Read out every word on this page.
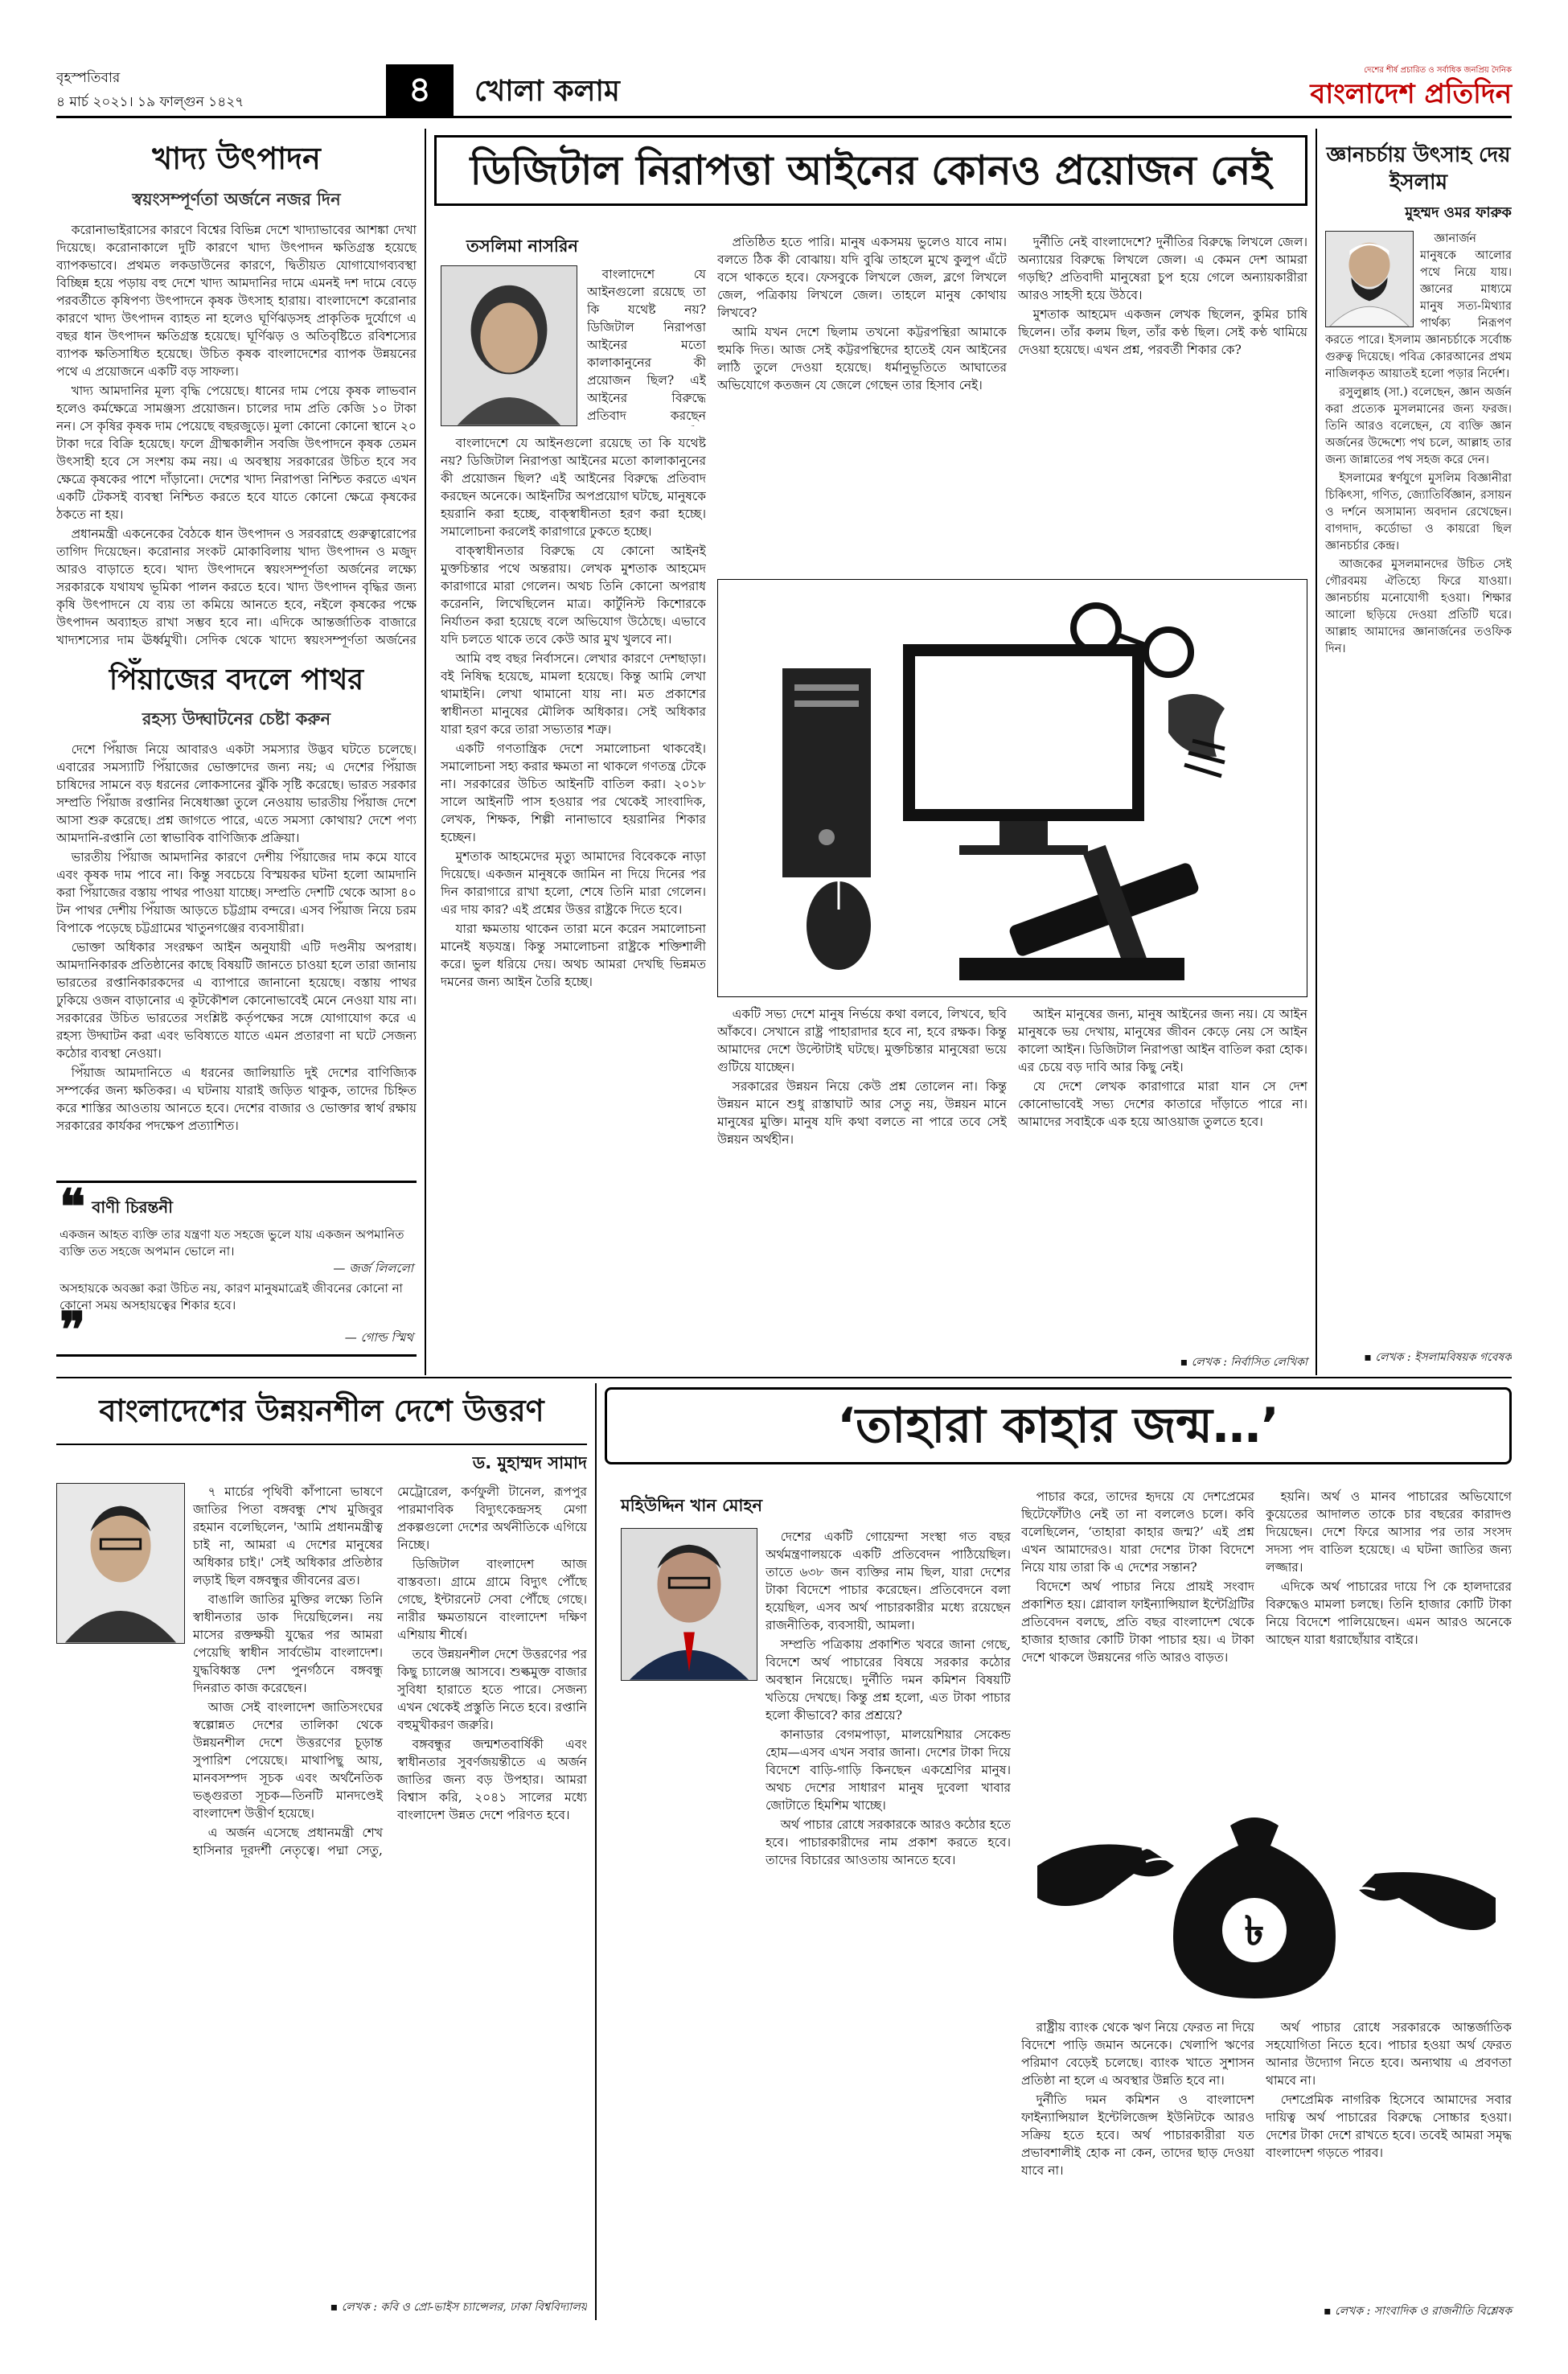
বৃহস্পতিবার
৪ মার্চ ২০২১। ১৯ ফাল্গুন ১৪২৭	৪	খোলা কলাম
দেশের শীর্ষ প্রচারিত ও সর্বাধিক জনপ্রিয় দৈনিক
বাংলাদেশ প্রতিদিন
খাদ্য উৎপাদন
স্বয়ংসম্পূর্ণতা অর্জনে নজর দিন

করোনাভাইরাসের কারণে বিশ্বের বিভিন্ন দেশে খাদ্যাভাবের আশঙ্কা দেখা দিয়েছে। করোনাকালে দুটি কারণে খাদ্য উৎপাদন ক্ষতিগ্রস্ত হয়েছে ব্যাপকভাবে। প্রথমত লকডাউনের কারণে, দ্বিতীয়ত যোগাযোগব্যবস্থা বিচ্ছিন্ন হয়ে পড়ায় বহু দেশে খাদ্য আমদানির দামে এমনই দশ দামে বেড়ে পরবর্তীতে কৃষিপণ্য উৎপাদনে কৃষক উৎসাহ হারায়। বাংলাদেশে করোনার কারণে খাদ্য উৎপাদন ব্যাহত না হলেও ঘূর্ণিঝড়সহ প্রাকৃতিক দুর্যোগে এ বছর ধান উৎপাদন ক্ষতিগ্রস্ত হয়েছে। ঘূর্ণিঝড় ও অতিবৃষ্টিতে রবিশস্যের ব্যাপক ক্ষতিসাধিত হয়েছে। উচিত কৃষক বাংলাদেশের ব্যাপক উন্নয়নের পথে এ প্রয়োজনে একটি বড় সাফল্য।

খাদ্য আমদানির মূল্য বৃদ্ধি পেয়েছে। ধানের দাম পেয়ে কৃষক লাভবান হলেও কর্মক্ষেত্রে সামঞ্জস্য প্রয়োজন। চালের দাম প্রতি কেজি ১০ টাকা নন। সে কৃষির কৃষক দাম পেয়েছে বছরজুড়ে। মুলা কোনো কোনো স্থানে ২০ টাকা দরে বিক্রি হয়েছে। ফলে গ্রীষ্মকালীন সবজি উৎপাদনে কৃষক তেমন উৎসাহী হবে সে সংশয় কম নয়। এ অবস্থায় সরকারের উচিত হবে সব ক্ষেত্রে কৃষকের পাশে দাঁড়ানো। দেশের খাদ্য নিরাপত্তা নিশ্চিত করতে এখন একটি টেকসই ব্যবস্থা নিশ্চিত করতে হবে যাতে কোনো ক্ষেত্রে কৃষকের ঠকতে না হয়।

প্রধানমন্ত্রী একনেকের বৈঠকে ধান উৎপাদন ও সরবরাহে গুরুত্বারোপের তাগিদ দিয়েছেন। করোনার সংকট মোকাবিলায় খাদ্য উৎপাদন ও মজুদ আরও বাড়াতে হবে। খাদ্য উৎপাদনে স্বয়ংসম্পূর্ণতা অর্জনের লক্ষ্যে সরকারকে যথাযথ ভূমিকা পালন করতে হবে। খাদ্য উৎপাদন বৃদ্ধির জন্য কৃষি উৎপাদনে যে ব্যয় তা কমিয়ে আনতে হবে, নইলে কৃষকের পক্ষে উৎপাদন অব্যাহত রাখা সম্ভব হবে না। এদিকে আন্তর্জাতিক বাজারে খাদ্যশস্যের দাম ঊর্ধ্বমুখী। সেদিক থেকে খাদ্যে স্বয়ংসম্পূর্ণতা অর্জনের

পিঁয়াজের বদলে পাথর
রহস্য উদ্ঘাটনের চেষ্টা করুন

দেশে পিঁয়াজ নিয়ে আবারও একটা সমস্যার উদ্ভব ঘটতে চলেছে। এবারের সমস্যাটি পিঁয়াজের ভোক্তাদের জন্য নয়; এ দেশের পিঁয়াজ চাষিদের সামনে বড় ধরনের লোকসানের ঝুঁকি সৃষ্টি করেছে। ভারত সরকার সম্প্রতি পিঁয়াজ রপ্তানির নিষেধাজ্ঞা তুলে নেওয়ায় ভারতীয় পিঁয়াজ দেশে আসা শুরু করেছে। প্রশ্ন জাগতে পারে, এতে সমস্যা কোথায়? দেশে পণ্য আমদানি-রপ্তানি তো স্বাভাবিক বাণিজ্যিক প্রক্রিয়া।

ভারতীয় পিঁয়াজ আমদানির কারণে দেশীয় পিঁয়াজের দাম কমে যাবে এবং কৃষক দাম পাবে না। কিন্তু সবচেয়ে বিস্ময়কর ঘটনা হলো আমদানি করা পিঁয়াজের বস্তায় পাথর পাওয়া যাচ্ছে। সম্প্রতি দেশটি থেকে আসা ৪০ টন পাথর দেশীয় পিঁয়াজ আড়তে চট্টগ্রাম বন্দরে। এসব পিঁয়াজ নিয়ে চরম বিপাকে পড়েছে চট্টগ্রামের খাতুনগঞ্জের ব্যবসায়ীরা।

ভোক্তা অধিকার সংরক্ষণ আইন অনুযায়ী এটি দণ্ডনীয় অপরাধ। আমদানিকারক প্রতিষ্ঠানের কাছে বিষয়টি জানতে চাওয়া হলে তারা জানায় ভারতের রপ্তানিকারকদের এ ব্যাপারে জানানো হয়েছে। বস্তায় পাথর ঢুকিয়ে ওজন বাড়ানোর এ কূটকৌশল কোনোভাবেই মেনে নেওয়া যায় না। সরকারের উচিত ভারতের সংশ্লিষ্ট কর্তৃপক্ষের সঙ্গে যোগাযোগ করে এ রহস্য উদ্ঘাটন করা এবং ভবিষ্যতে যাতে এমন প্রতারণা না ঘটে সেজন্য কঠোর ব্যবস্থা নেওয়া।

পিঁয়াজ আমদানিতে এ ধরনের জালিয়াতি দুই দেশের বাণিজ্যিক সম্পর্কের জন্য ক্ষতিকর। এ ঘটনায় যারাই জড়িত থাকুক, তাদের চিহ্নিত করে শাস্তির আওতায় আনতে হবে। দেশের বাজার ও ভোক্তার স্বার্থ রক্ষায় সরকারের কার্যকর পদক্ষেপ প্রত্যাশিত।

❝ বাণী চিরন্তনী
একজন আহত ব্যক্তি তার যন্ত্রণা যত সহজে ভুলে যায় একজন অপমানিত ব্যক্তি তত সহজে অপমান ভোলে না।
— জর্জ লিললো
অসহায়কে অবজ্ঞা করা উচিত নয়, কারণ মানুষমাত্রেই জীবনের কোনো না কোনো সময় অসহায়ত্বের শিকার হবে।
❞	— গোল্ড স্মিথ
ডিজিটাল নিরাপত্তা আইনের কোনও প্রয়োজন নেই
তসলিমা নাসরিন

বাংলাদেশে যে আইনগুলো রয়েছে তা কি যথেষ্ট নয়? ডিজিটাল নিরাপত্তা আইনের মতো কালাকানুনের কী প্রয়োজন ছিল? এই আইনের বিরুদ্ধে প্রতিবাদ করছেন অনেকে। আইনটির অপপ্রয়োগ ঘটছে, মানুষকে হয়রানি করা হচ্ছে, বাক্স্বাধীনতা হরণ করা হচ্ছে। সমালোচনা করলেই কারাগারে ঢুকতে হচ্ছে।

বাক্স্বাধীনতার বিরুদ্ধে যে কোনো আইনই মুক্তচিন্তার পথে অন্তরায়। লেখক মুশতাক আহমেদ কারাগারে মারা গেলেন। অথচ তিনি কোনো অপরাধ করেননি, লিখেছিলেন মাত্র। কার্টুনিস্ট কিশোরকে নির্যাতন করা হয়েছে বলে অভিযোগ উঠেছে। এভাবে যদি চলতে থাকে তবে কেউ আর মুখ খুলবে না।

আমি বহু বছর নির্বাসনে। লেখার কারণে দেশছাড়া। বই নিষিদ্ধ হয়েছে, মামলা হয়েছে। কিন্তু আমি লেখা থামাইনি। লেখা থামানো যায় না। মত প্রকাশের স্বাধীনতা মানুষের মৌলিক অধিকার। সেই অধিকার যারা হরণ করে তারা সভ্যতার শত্রু।

একটি গণতান্ত্রিক দেশে সমালোচনা থাকবেই। সমালোচনা সহ্য করার ক্ষমতা না থাকলে গণতন্ত্র টেকে না। সরকারের উচিত আইনটি বাতিল করা। ২০১৮ সালে আইনটি পাস হওয়ার পর থেকেই সাংবাদিক, লেখক, শিক্ষক, শিল্পী নানাভাবে হয়রানির শিকার হচ্ছেন।

মুশতাক আহমেদের মৃত্যু আমাদের বিবেককে নাড়া দিয়েছে। একজন মানুষকে জামিন না দিয়ে দিনের পর দিন কারাগারে রাখা হলো, শেষে তিনি মারা গেলেন। এর দায় কার? এই প্রশ্নের উত্তর রাষ্ট্রকে দিতে হবে।

যারা ক্ষমতায় থাকেন তারা মনে করেন সমালোচনা মানেই ষড়যন্ত্র। কিন্তু সমালোচনা রাষ্ট্রকে শক্তিশালী করে। ভুল ধরিয়ে দেয়। অথচ আমরা দেখছি ভিন্নমত দমনের জন্য আইন তৈরি হচ্ছে।

বাংলাদেশে যে আইনগুলো রয়েছে তা কি যথেষ্ট নয়? ডিজিটাল নিরাপত্তা আইনের মতো কালাকানুনের কী প্রয়োজন ছিল? এই আইনের বিরুদ্ধে প্রতিবাদ করছেন

প্রতিষ্ঠিত হতে পারি। মানুষ একসময় ভুলেও যাবে নাম। বলতে ঠিক কী বোঝায়। যদি বুঝি তাহলে মুখে কুলুপ এঁটে বসে থাকতে হবে। ফেসবুকে লিখলে জেল, ব্লগে লিখলে জেল, পত্রিকায় লিখলে জেল। তাহলে মানুষ কোথায় লিখবে?

আমি যখন দেশে ছিলাম তখনো কট্টরপন্থিরা আমাকে হুমকি দিত। আজ সেই কট্টরপন্থিদের হাতেই যেন আইনের লাঠি তুলে দেওয়া হয়েছে। ধর্মানুভূতিতে আঘাতের অভিযোগে কতজন যে জেলে গেছেন তার হিসাব নেই।

দুর্নীতি নেই বাংলাদেশে? দুর্নীতির বিরুদ্ধে লিখলে জেল। অন্যায়ের বিরুদ্ধে লিখলে জেল। এ কেমন দেশ আমরা গড়ছি? প্রতিবাদী মানুষেরা চুপ হয়ে গেলে অন্যায়কারীরা আরও সাহসী হয়ে উঠবে।

মুশতাক আহমেদ একজন লেখক ছিলেন, কুমির চাষি ছিলেন। তাঁর কলম ছিল, তাঁর কণ্ঠ ছিল। সেই কণ্ঠ থামিয়ে দেওয়া হয়েছে। এখন প্রশ্ন, পরবর্তী শিকার কে?

একটি সভ্য দেশে মানুষ নির্ভয়ে কথা বলবে, লিখবে, ছবি আঁকবে। সেখানে রাষ্ট্র পাহারাদার হবে না, হবে রক্ষক। কিন্তু আমাদের দেশে উল্টোটাই ঘটছে। মুক্তচিন্তার মানুষেরা ভয়ে গুটিয়ে যাচ্ছেন।

সরকারের উন্নয়ন নিয়ে কেউ প্রশ্ন তোলেন না। কিন্তু উন্নয়ন মানে শুধু রাস্তাঘাট আর সেতু নয়, উন্নয়ন মানে মানুষের মুক্তি। মানুষ যদি কথা বলতে না পারে তবে সেই উন্নয়ন অর্থহীন।

আইন মানুষের জন্য, মানুষ আইনের জন্য নয়। যে আইন মানুষকে ভয় দেখায়, মানুষের জীবন কেড়ে নেয় সে আইন কালো আইন। ডিজিটাল নিরাপত্তা আইন বাতিল করা হোক। এর চেয়ে বড় দাবি আর কিছু নেই।

যে দেশে লেখক কারাগারে মারা যান সে দেশ কোনোভাবেই সভ্য দেশের কাতারে দাঁড়াতে পারে না। আমাদের সবাইকে এক হয়ে আওয়াজ তুলতে হবে।

▪ লেখক : নির্বাসিত লেখিকা
জ্ঞানচর্চায় উৎসাহ দেয় ইসলাম
মুহম্মদ ওমর ফারুক

জ্ঞানার্জন মানুষকে আলোর পথে নিয়ে যায়। জ্ঞানের মাধ্যমে মানুষ সত্য-মিথ্যার পার্থক্য নিরূপণ করতে পারে। ইসলাম জ্ঞানচর্চাকে সর্বোচ্চ গুরুত্ব দিয়েছে। পবিত্র কোরআনের প্রথম নাজিলকৃত আয়াতই হলো পড়ার নির্দেশ।

রসুলুল্লাহ (সা.) বলেছেন, জ্ঞান অর্জন করা প্রত্যেক মুসলমানের জন্য ফরজ। তিনি আরও বলেছেন, যে ব্যক্তি জ্ঞান অর্জনের উদ্দেশ্যে পথ চলে, আল্লাহ তার জন্য জান্নাতের পথ সহজ করে দেন।

ইসলামের স্বর্ণযুগে মুসলিম বিজ্ঞানীরা চিকিৎসা, গণিত, জ্যোতির্বিজ্ঞান, রসায়ন ও দর্শনে অসামান্য অবদান রেখেছেন। বাগদাদ, কর্ডোভা ও কায়রো ছিল জ্ঞানচর্চার কেন্দ্র।

আজকের মুসলমানদের উচিত সেই গৌরবময় ঐতিহ্যে ফিরে যাওয়া। জ্ঞানচর্চায় মনোযোগী হওয়া। শিক্ষার আলো ছড়িয়ে দেওয়া প্রতিটি ঘরে। আল্লাহ আমাদের জ্ঞানার্জনের তওফিক দিন।

▪ লেখক : ইসলামবিষয়ক গবেষক
বাংলাদেশের উন্নয়নশীল দেশে উত্তরণ
ড. মুহাম্মদ সামাদ

৭ মার্চের পৃথিবী কাঁপানো ভাষণে জাতির পিতা বঙ্গবন্ধু শেখ মুজিবুর রহমান বলেছিলেন, 'আমি প্রধানমন্ত্রীত্ব চাই না, আমরা এ দেশের মানুষের অধিকার চাই।' সেই অধিকার প্রতিষ্ঠার লড়াই ছিল বঙ্গবন্ধুর জীবনের ব্রত।

বাঙালি জাতির মুক্তির লক্ষ্যে তিনি স্বাধীনতার ডাক দিয়েছিলেন। নয় মাসের রক্তক্ষয়ী যুদ্ধের পর আমরা পেয়েছি স্বাধীন সার্বভৌম বাংলাদেশ। যুদ্ধবিধ্বস্ত দেশ পুনর্গঠনে বঙ্গবন্ধু দিনরাত কাজ করেছেন।

আজ সেই বাংলাদেশ জাতিসংঘের স্বল্পোন্নত দেশের তালিকা থেকে উন্নয়নশীল দেশে উত্তরণের চূড়ান্ত সুপারিশ পেয়েছে। মাথাপিছু আয়, মানবসম্পদ সূচক এবং অর্থনৈতিক ভঙ্গুরতা সূচক—তিনটি মানদণ্ডেই বাংলাদেশ উত্তীর্ণ হয়েছে।

এ অর্জন এসেছে প্রধানমন্ত্রী শেখ হাসিনার দূরদর্শী নেতৃত্বে। পদ্মা সেতু, মেট্রোরেল, কর্ণফুলী টানেল, রূপপুর পারমাণবিক বিদ্যুৎকেন্দ্রসহ মেগা প্রকল্পগুলো দেশের অর্থনীতিকে এগিয়ে নিচ্ছে।

ডিজিটাল বাংলাদেশ আজ বাস্তবতা। গ্রামে গ্রামে বিদ্যুৎ পৌঁছে গেছে, ইন্টারনেট সেবা পৌঁছে গেছে। নারীর ক্ষমতায়নে বাংলাদেশ দক্ষিণ এশিয়ায় শীর্ষে।

তবে উন্নয়নশীল দেশে উত্তরণের পর কিছু চ্যালেঞ্জ আসবে। শুল্কমুক্ত বাজার সুবিধা হারাতে হতে পারে। সেজন্য এখন থেকেই প্রস্তুতি নিতে হবে। রপ্তানি বহুমুখীকরণ জরুরি।

বঙ্গবন্ধুর জন্মশতবার্ষিকী এবং স্বাধীনতার সুবর্ণজয়ন্তীতে এ অর্জন জাতির জন্য বড় উপহার। আমরা বিশ্বাস করি, ২০৪১ সালের মধ্যে বাংলাদেশ উন্নত দেশে পরিণত হবে।

▪ লেখক : কবি ও প্রো-ভাইস চ্যান্সেলর, ঢাকা বিশ্ববিদ্যালয়
‘তাহারা কাহার জন্ম…’
মহিউদ্দিন খান মোহন

দেশের একটি গোয়েন্দা সংস্থা গত বছর অর্থমন্ত্রণালয়কে একটি প্রতিবেদন পাঠিয়েছিল। তাতে ৬৩৮ জন ব্যক্তির নাম ছিল, যারা দেশের টাকা বিদেশে পাচার করেছেন। প্রতিবেদনে বলা হয়েছিল, এসব অর্থ পাচারকারীর মধ্যে রয়েছেন রাজনীতিক, ব্যবসায়ী, আমলা।

সম্প্রতি পত্রিকায় প্রকাশিত খবরে জানা গেছে, বিদেশে অর্থ পাচারের বিষয়ে সরকার কঠোর অবস্থান নিয়েছে। দুর্নীতি দমন কমিশন বিষয়টি খতিয়ে দেখছে। কিন্তু প্রশ্ন হলো, এত টাকা পাচার হলো কীভাবে? কার প্রশ্রয়ে?

কানাডার বেগমপাড়া, মালয়েশিয়ার সেকেন্ড হোম—এসব এখন সবার জানা। দেশের টাকা দিয়ে বিদেশে বাড়ি-গাড়ি কিনছেন একশ্রেণির মানুষ। অথচ দেশের সাধারণ মানুষ দুবেলা খাবার জোটাতে হিমশিম খাচ্ছে।

অর্থ পাচার রোধে সরকারকে আরও কঠোর হতে হবে। পাচারকারীদের নাম প্রকাশ করতে হবে। তাদের বিচারের আওতায় আনতে হবে।

পাচার করে, তাদের হৃদয়ে যে দেশপ্রেমের ছিটেফোঁটাও নেই তা না বললেও চলে। কবি বলেছিলেন, ‘তাহারা কাহার জন্ম?’ এই প্রশ্ন এখন আমাদেরও। যারা দেশের টাকা বিদেশে নিয়ে যায় তারা কি এ দেশের সন্তান?

বিদেশে অর্থ পাচার নিয়ে প্রায়ই সংবাদ প্রকাশিত হয়। গ্লোবাল ফাইন্যান্সিয়াল ইন্টেগ্রিটির প্রতিবেদন বলছে, প্রতি বছর বাংলাদেশ থেকে হাজার হাজার কোটি টাকা পাচার হয়। এ টাকা দেশে থাকলে উন্নয়নের গতি আরও বাড়ত।

হয়নি। অর্থ ও মানব পাচারের অভিযোগে কুয়েতের আদালত তাকে চার বছরের কারাদণ্ড দিয়েছেন। দেশে ফিরে আসার পর তার সংসদ সদস্য পদ বাতিল হয়েছে। এ ঘটনা জাতির জন্য লজ্জার।

এদিকে অর্থ পাচারের দায়ে পি কে হালদারের বিরুদ্ধেও মামলা চলছে। তিনি হাজার কোটি টাকা নিয়ে বিদেশে পালিয়েছেন। এমন আরও অনেকে আছেন যারা ধরাছোঁয়ার বাইরে।

৳

রাষ্ট্রীয় ব্যাংক থেকে ঋণ নিয়ে ফেরত না দিয়ে বিদেশে পাড়ি জমান অনেকে। খেলাপি ঋণের পরিমাণ বেড়েই চলেছে। ব্যাংক খাতে সুশাসন প্রতিষ্ঠা না হলে এ অবস্থার উন্নতি হবে না।

দুর্নীতি দমন কমিশন ও বাংলাদেশ ফাইন্যান্সিয়াল ইন্টেলিজেন্স ইউনিটকে আরও সক্রিয় হতে হবে। অর্থ পাচারকারীরা যত প্রভাবশালীই হোক না কেন, তাদের ছাড় দেওয়া যাবে না।

অর্থ পাচার রোধে সরকারকে আন্তর্জাতিক সহযোগিতা নিতে হবে। পাচার হওয়া অর্থ ফেরত আনার উদ্যোগ নিতে হবে। অন্যথায় এ প্রবণতা থামবে না।

দেশপ্রেমিক নাগরিক হিসেবে আমাদের সবার দায়িত্ব অর্থ পাচারের বিরুদ্ধে সোচ্চার হওয়া। দেশের টাকা দেশে রাখতে হবে। তবেই আমরা সমৃদ্ধ বাংলাদেশ গড়তে পারব।

▪ লেখক : সাংবাদিক ও রাজনীতি বিশ্লেষক
